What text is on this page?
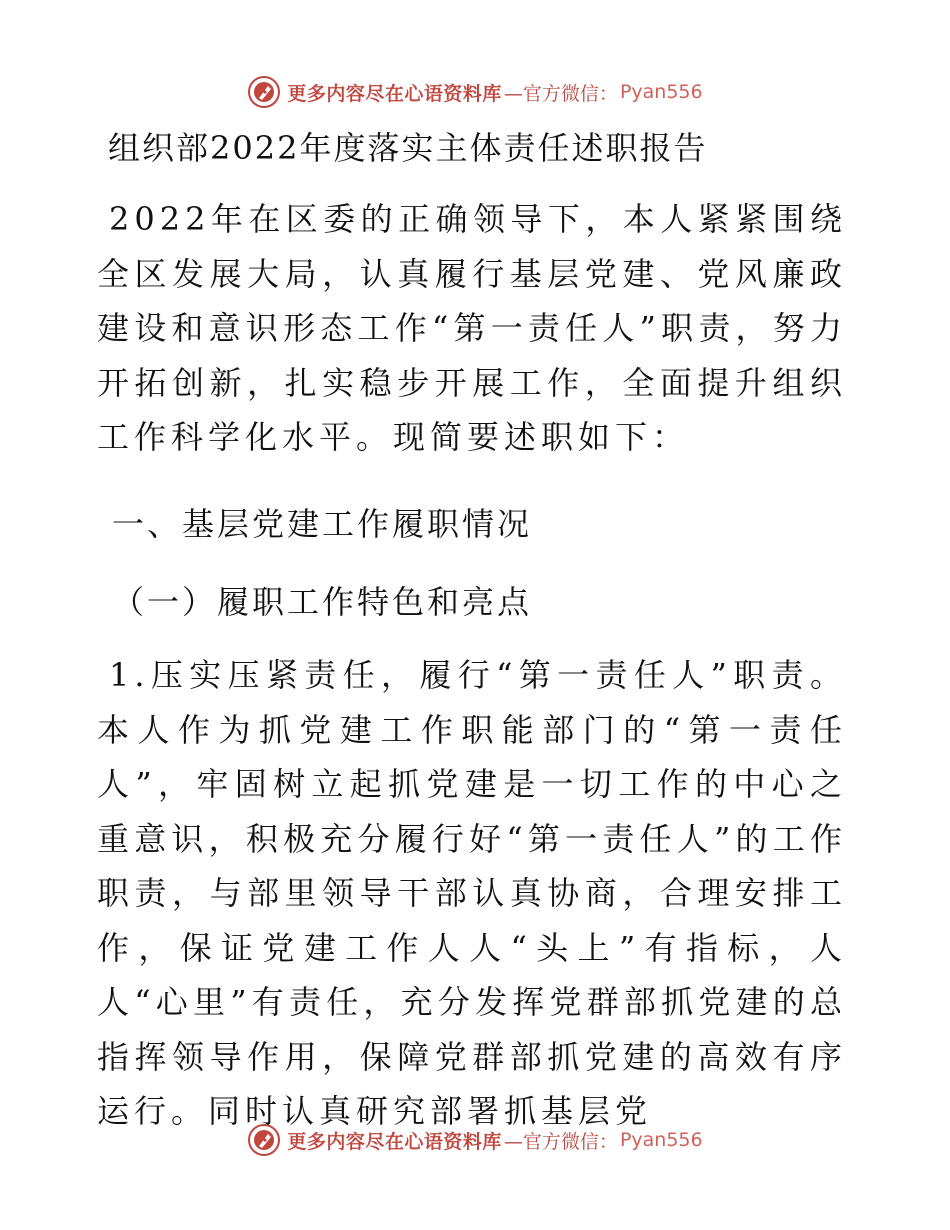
更多内容尽在心语资料库 —官方微信： Pyan556
组织部2022年度落实主体责任述职报告
2022年在区委的正确领导下，本人紧紧围绕全区发展大局，认真履行基层党建、党风廉政建设和意识形态工作“第一责任人”职责，努力开拓创新，扎实稳步开展工作，全面提升组织工作科学化水平。现简要述职如下：
一、基层党建工作履职情况
（一）履职工作特色和亮点
1.压实压紧责任，履行“第一责任人”职责。本人作为抓党建工作职能部门的“第一责任人”，牢固树立起抓党建是一切工作的中心之重意识，积极充分履行好“第一责任人”的工作职责，与部里领导干部认真协商，合理安排工作，保证党建工作人人“头上”有指标，人人“心里”有责任，充分发挥党群部抓党建的总指挥领导作用，保障党群部抓党建的高效有序运行。同时认真研究部署抓基层党
更多内容尽在心语资料库 —官方微信： Pyan556
